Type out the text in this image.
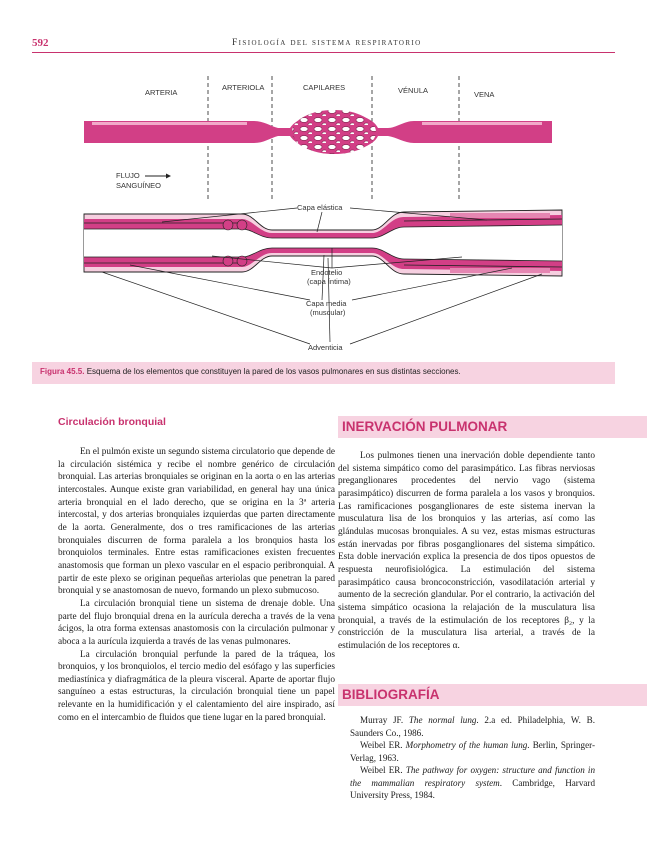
592	Fisiología del sistema respiratorio
ARTERIA
ARTERIOLA	CAPILARES	VÉNULA	VENA
FLUJO
SANGUÍNEO
Capa elástica
Endotelio
(capa íntima)
Capa media
(muscular)
Adventicia
Figura 45.5. Esquema de los elementos que constituyen la pared de los vasos pulmonares en sus distintas secciones.
Circulación bronquial

En el pulmón existe un segundo sistema circulatorio que depende de la circulación sistémica y recibe el nombre genérico de circulación bronquial. Las arterias bronquiales se originan en la aorta o en las arterias intercostales. Aunque existe gran variabilidad, en general hay una única arteria bronquial en el lado derecho, que se origina en la 3ª arteria intercostal, y dos arterias bronquiales izquierdas que parten directamente de la aorta. Generalmente, dos o tres ramificaciones de las arterias bronquiales discurren de forma paralela a los bronquios hasta los bronquiolos terminales. Entre estas ramificaciones existen frecuentes anastomosis que forman un plexo vascular en el espacio peribronquial. A partir de este plexo se originan pequeñas arteriolas que penetran la pared bronquial y se anastomosan de nuevo, formando un plexo submucoso.

La circulación bronquial tiene un sistema de drenaje doble. Una parte del flujo bronquial drena en la aurícula derecha a través de la vena ácigos, la otra forma extensas anastomosis con la circulación pulmonar y aboca a la aurícula izquierda a través de las venas pulmonares.

La circulación bronquial perfunde la pared de la tráquea, los bronquios, y los bronquiolos, el tercio medio del esófago y las superficies mediastínica y diafragmática de la pleura visceral. Aparte de aportar flujo sanguíneo a estas estructuras, la circulación bronquial tiene un papel relevante en la humidificación y el calentamiento del aire inspirado, así como en el intercambio de fluidos que tiene lugar en la pared bronquial.

INERVACIÓN PULMONAR

Los pulmones tienen una inervación doble dependiente tanto del sistema simpático como del parasimpático. Las fibras nerviosas preganglionares procedentes del nervio vago (sistema parasimpático) discurren de forma paralela a los vasos y bronquios. Las ramificaciones posganglionares de este sistema inervan la musculatura lisa de los bronquios y las arterias, así como las glándulas mucosas bronquiales. A su vez, estas mismas estructuras están inervadas por fibras posganglionares del sistema simpático. Esta doble inervación explica la presencia de dos tipos opuestos de respuesta neurofisiológica. La estimulación del sistema parasimpático causa broncoconstricción, vasodilatación arterial y aumento de la secreción glandular. Por el contrario, la activación del sistema simpático ocasiona la relajación de la musculatura lisa bronquial, a través de la estimulación de los receptores β₂, y la constricción de la musculatura lisa arterial, a través de la estimulación de los receptores α.

BIBLIOGRAFÍA

Murray JF. The normal lung. 2.a ed. Philadelphia, W. B. Saunders Co., 1986.

Weibel ER. Morphometry of the human lung. Berlin, Springer-Verlag, 1963.

Weibel ER. The pathway for oxygen: structure and function in the mammalian respiratory system. Cambridge, Harvard University Press, 1984.
